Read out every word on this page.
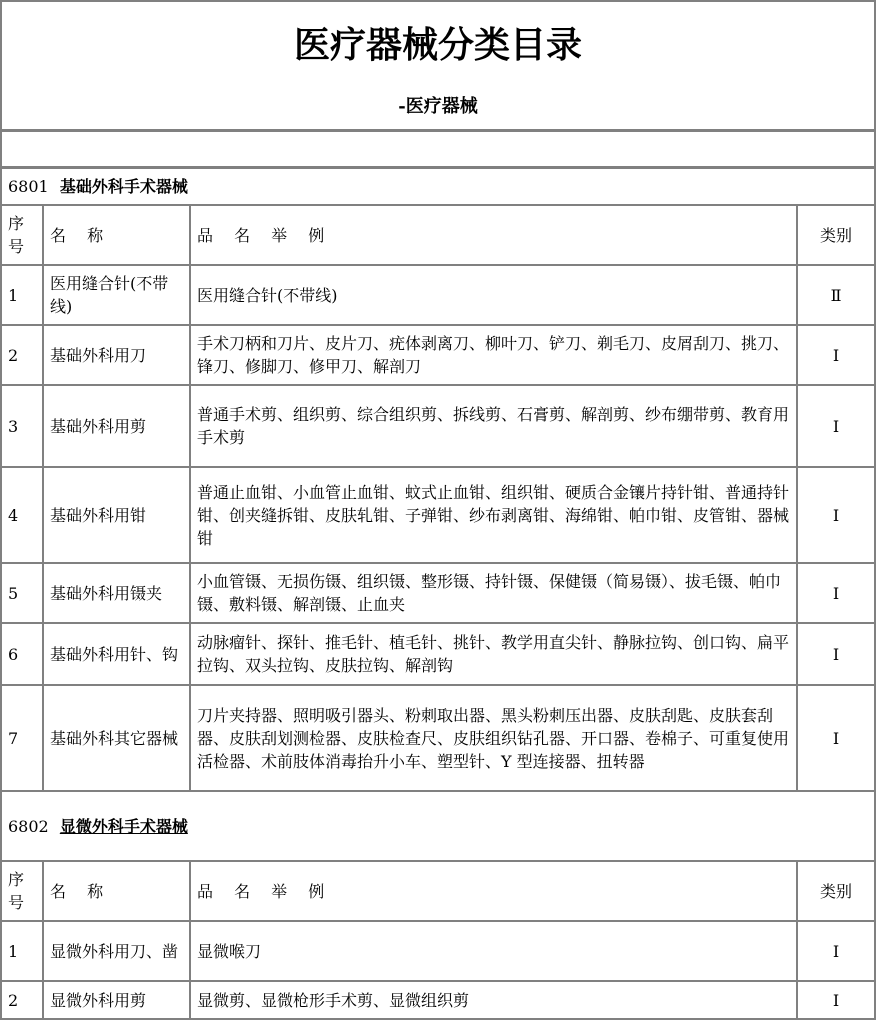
医疗器械分类目录
-医疗器械			

6801 基础外科手术器械			
序号	名 称	品 名 举 例	类别
1	医用缝合针(不带线)	医用缝合针(不带线)	Ⅱ
2	基础外科用刀	手术刀柄和刀片、皮片刀、疣体剥离刀、柳叶刀、铲刀、剃毛刀、皮屑刮刀、挑刀、锋刀、修脚刀、修甲刀、解剖刀	Ⅰ
3	基础外科用剪	普通手术剪、组织剪、综合组织剪、拆线剪、石膏剪、解剖剪、纱布绷带剪、教育用手术剪	Ⅰ
4	基础外科用钳	普通止血钳、小血管止血钳、蚊式止血钳、组织钳、硬质合金镶片持针钳、普通持针钳、创夹缝拆钳、皮肤轧钳、子弹钳、纱布剥离钳、海绵钳、帕巾钳、皮管钳、器械钳	Ⅰ
5	基础外科用镊夹	小血管镊、无损伤镊、组织镊、整形镊、持针镊、保健镊（简易镊）、拔毛镊、帕巾镊、敷料镊、解剖镊、止血夹	Ⅰ
6	基础外科用针、钩	动脉瘤针、探针、推毛针、植毛针、挑针、教学用直尖针、静脉拉钩、创口钩、扁平拉钩、双头拉钩、皮肤拉钩、解剖钩	Ⅰ
7	基础外科其它器械	刀片夹持器、照明吸引器头、粉刺取出器、黑头粉刺压出器、皮肤刮匙、皮肤套刮器、皮肤刮划测检器、皮肤检查尺、皮肤组织钻孔器、开口器、卷棉子、可重复使用活检器、术前肢体消毒抬升小车、塑型针、Y 型连接器、扭转器	Ⅰ
6802 显微外科手术器械			
序号	名 称	品 名 举 例	类别
1	显微外科用刀、凿	显微喉刀	Ⅰ
2	显微外科用剪	显微剪、显微枪形手术剪、显微组织剪	Ⅰ
